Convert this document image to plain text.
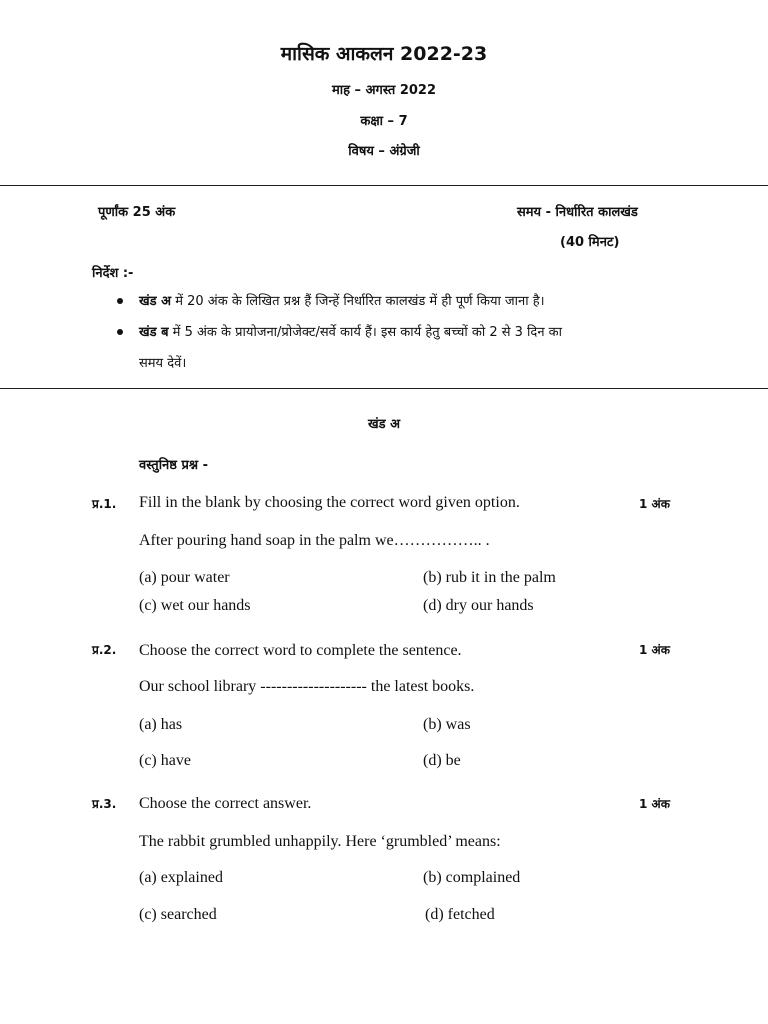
मासिक आकलन 2022-23
माह – अगस्त 2022
कक्षा – 7
विषय – अंग्रेजी
पूर्णांक 25 अंक	समय - निर्धारित कालखंड
(40 मिनट)
निर्देश :-
खंड अ में 20 अंक के लिखित प्रश्न हैं जिन्हें निर्धारित कालखंड में ही पूर्ण किया जाना है।
खंड ब में 5 अंक के प्रायोजना/प्रोजेक्ट/सर्वे कार्य हैं। इस कार्य हेतु बच्चों को 2 से 3 दिन का
समय देवें।
खंड अ
वस्तुनिष्ठ प्रश्न -
प्र.1. Fill in the blank by choosing the correct word given option.	1 अंक
After pouring hand soap in the palm we…………….. .
(a) pour water	(b) rub it in the palm
(c) wet our hands	(d) dry our hands
प्र.2. Choose the correct word to complete the sentence.	1 अंक
Our school library -------------------- the latest books.
(a) has	(b) was
(c) have	(d) be
प्र.3. Choose the correct answer.	1 अंक
The rabbit grumbled unhappily. Here ‘grumbled’ means:
(a) explained	(b) complained
(c) searched	(d) fetched
